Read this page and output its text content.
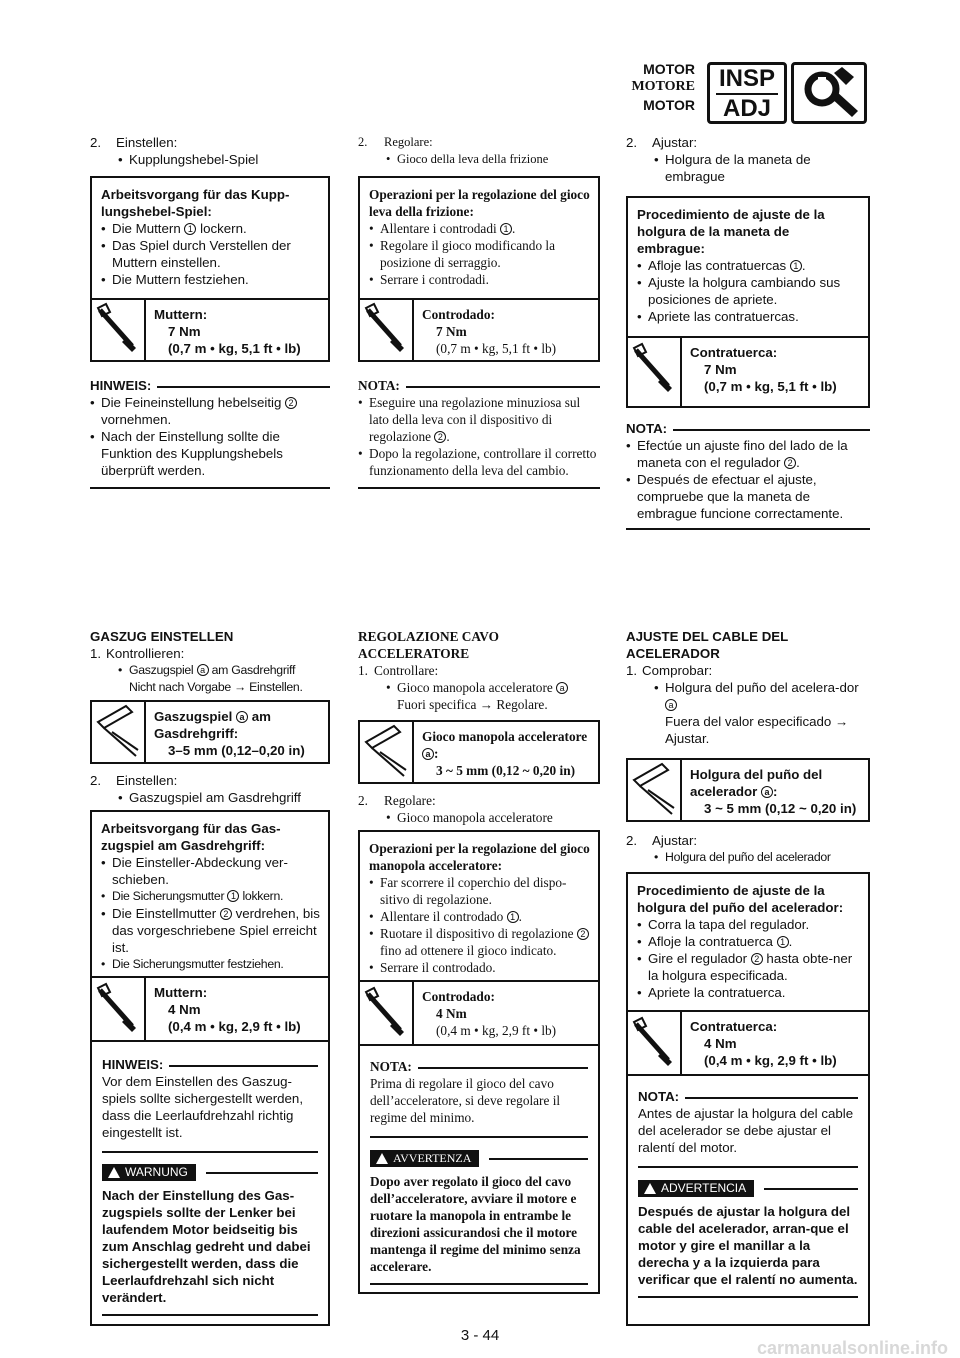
MOTOR
MOTORE
MOTOR
INSP
ADJ
2. Einstellen:
• Kupplungshebel-Spiel
Arbeitsvorgang für das Kupp-lungshebel-Spiel:
• Die Muttern 1 lockern.
• Das Spiel durch Verstellen der Muttern einstellen.
• Die Muttern festziehen.
Muttern:
7 Nm
(0,7 m • kg, 5,1 ft • lb)
HINWEIS:
• Die Feineinstellung hebelseitig 2 vornehmen.
• Nach der Einstellung sollte die Funktion des Kupplungshebels überprüft werden.
2. Regolare:
• Gioco della leva della frizione
Operazioni per la regolazione del gioco leva della frizione:
• Allentare i controdadi 1 .
• Regolare il gioco modificando la posizione di serraggio.
• Serrare i controdadi.
Controdado:
7 Nm
(0,7 m • kg, 5,1 ft • lb)
NOTA:
• Eseguire una regolazione minuziosa sul lato della leva con il dispositivo di regolazione 2 .
• Dopo la regolazione, controllare il corretto funzionamento della leva del cambio.
2. Ajustar:
• Holgura de la maneta de embrague
Procedimiento de ajuste de la holgura de la maneta de embrague:
• Afloje las contratuercas 1 .
• Ajuste la holgura cambiando sus posiciones de apriete.
• Apriete las contratuercas.
Contratuerca:
7 Nm
(0,7 m • kg, 5,1 ft • lb)
NOTA:
• Efectúe un ajuste fino del lado de la maneta con el regulador 2 .
• Después de efectuar el ajuste, compruebe que la maneta de embrague funcione correctamente.
GASZUG EINSTELLEN
1. Kontrollieren:
• Gaszugspiel a am Gasdrehgriff
Nicht nach Vorgabe → Einstellen.
Gaszugspiel a am Gasdrehgriff:
3–5 mm (0,12–0,20 in)
2. Einstellen:
• Gaszugspiel am Gasdrehgriff
Arbeitsvorgang für das Gas-zugspiel am Gasdrehgriff:
• Die Einsteller-Abdeckung ver-schieben.
• Die Sicherungsmutter 1 lokkern.
• Die Einstellmutter 2 verdrehen, bis das vorgeschriebene Spiel erreicht ist.
• Die Sicherungsmutter festziehen.
Muttern:
4 Nm
(0,4 m • kg, 2,9 ft • lb)
HINWEIS:
Vor dem Einstellen des Gaszug-spiels sollte sichergestellt werden, dass die Leerlaufdrehzahl richtig eingestellt ist.
WARNUNG
Nach der Einstellung des Gas-zugspiels sollte der Lenker bei laufendem Motor beidseitig bis zum Anschlag gedreht und dabei sichergestellt werden, dass die Leerlaufdrehzahl sich nicht verändert.
REGOLAZIONE CAVO ACCELERATORE
1. Controllare:
• Gioco manopola acceleratore a
Fuori specifica → Regolare.
Gioco manopola acceleratore a :
3 ~ 5 mm (0,12 ~ 0,20 in)
2. Regolare:
• Gioco manopola acceleratore
Operazioni per la regolazione del gioco manopola acceleratore:
• Far scorrere il coperchio del dispo-sitivo di regolazione.
• Allentare il controdado 1 .
• Ruotare il dispositivo di regolazione 2 fino ad ottenere il gioco indicato.
• Serrare il controdado.
Controdado:
4 Nm
(0,4 m • kg, 2,9 ft • lb)
NOTA:
Prima di regolare il gioco del cavo dell’acceleratore, si deve regolare il regime del minimo.
AVVERTENZA
Dopo aver regolato il gioco del cavo dell’acceleratore, avviare il motore e ruotare la manopola in entrambe le direzioni assicurandosi che il motore mantenga il regime del minimo senza accelerare.
AJUSTE DEL CABLE DEL ACELERADOR
1. Comprobar:
• Holgura del puño del acelera-dor a
Fuera del valor especificado → Ajustar.
Holgura del puño del acelerador a :
3 ~ 5 mm (0,12 ~ 0,20 in)
2. Ajustar:
• Holgura del puño del acelerador
Procedimiento de ajuste de la holgura del puño del acelerador:
• Corra la tapa del regulador.
• Afloje la contratuerca 1 .
• Gire el regulador 2 hasta obte-ner la holgura especificada.
• Apriete la contratuerca.
Contratuerca:
4 Nm
(0,4 m • kg, 2,9 ft • lb)
NOTA:
Antes de ajustar la holgura del cable del acelerador se debe ajustar el ralentí del motor.
ADVERTENCIA
Después de ajustar la holgura del cable del acelerador, arran-que el motor y gire el manillar a la derecha y a la izquierda para verificar que el ralentí no aumenta.
3 - 44
carmanualsonline.info
